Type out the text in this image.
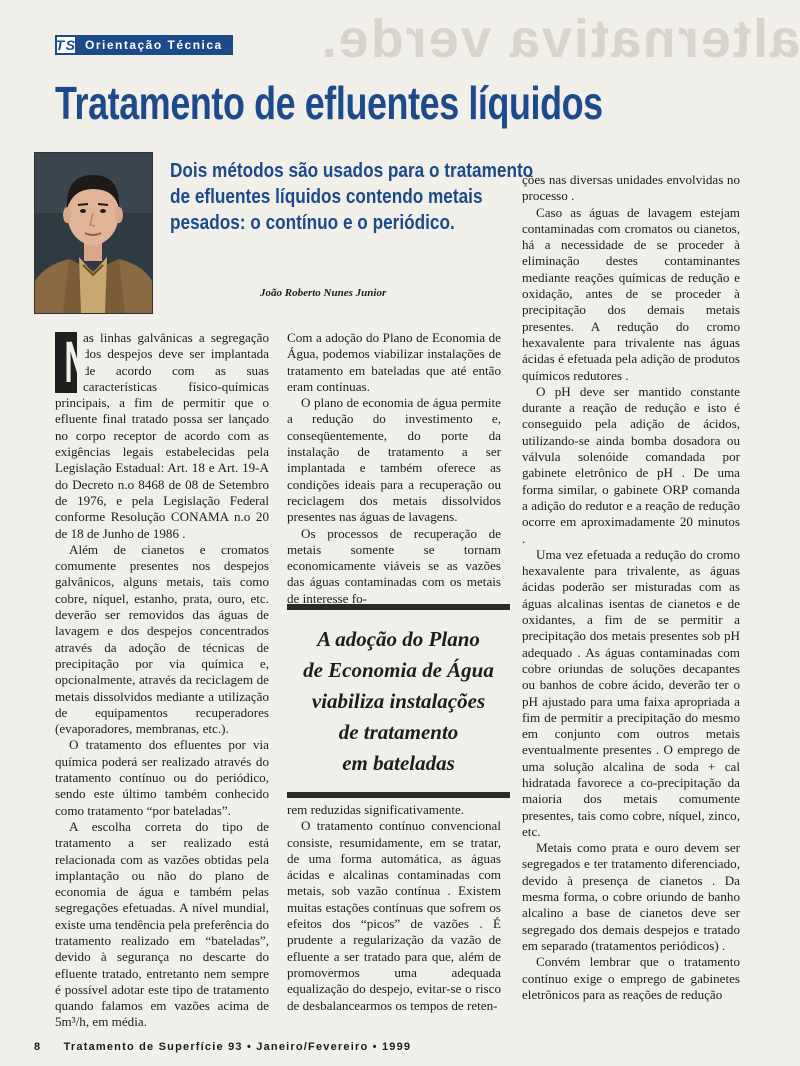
alternativa verde.
TS Orientação Técnica
Tratamento de efluentes líquidos
Dois métodos são usados para o tratamento
de efluentes líquidos contendo metais
pesados: o contínuo e o periódico.
João Roberto Nunes Junior

N
as linhas galvânicas a segregação dos despejos deve ser implantada de acordo com as suas características físico-químicas principais, a fim de permitir que o efluente final tratado possa ser lançado no corpo receptor de acordo com as exigências legais estabelecidas pela Legislação Estadual: Art. 18 e Art. 19-A do Decreto n.o 8468 de 08 de Setembro de 1976, e pela Legislação Federal conforme Resolução CONAMA n.o 20 de 18 de Junho de 1986 .

Além de cianetos e cromatos comumente presentes nos despejos galvânicos, alguns metais, tais como cobre, níquel, estanho, prata, ouro, etc. deverão ser removidos das águas de lavagem e dos despejos concentrados através da adoção de técnicas de precipitação por via química e, opcionalmente, através da reciclagem de metais dissolvidos mediante a utilização de equipamentos recuperadores (evaporadores, membranas, etc.).

O tratamento dos efluentes por via química poderá ser realizado através do tratamento contínuo ou do periódico, sendo este último também conhecido como tratamento “por bateladas”.

A escolha correta do tipo de tratamento a ser realizado está relacionada com as vazões obtidas pela implantação ou não do plano de economia de água e também pelas segregações efetuadas. A nível mundial, existe uma tendência pela preferência do tratamento realizado em “bateladas”, devido à segurança no descarte do efluente tratado, entretanto nem sempre é possível adotar este tipo de tratamento quando falamos em vazões acima de 5m³/h, em média.

Com a adoção do Plano de Economia de Água, podemos viabilizar instalações de tratamento em bateladas que até então eram contínuas.

O plano de economia de água permite a redução do investimento e, conseqüentemente, do porte da instalação de tratamento a ser implantada e também oferece as condições ideais para a recuperação ou reciclagem dos metais dissolvidos presentes nas águas de lavagens.

Os processos de recuperação de metais somente se tornam economicamente viáveis se as vazões das águas contaminadas com os metais de interesse fo-

A adoção do Plano
de Economia de Água
viabiliza instalações
de tratamento
em bateladas

rem reduzidas significativamente.

O tratamento contínuo convencional consiste, resumidamente, em se tratar, de uma forma automática, as águas ácidas e alcalinas contaminadas com metais, sob vazão contínua . Existem muitas estações contínuas que sofrem os efeitos dos “picos” de vazões . É prudente a regularização da vazão de efluente a ser tratado para que, além de promovermos uma adequada equalização do despejo, evitar-se o risco de desbalancearmos os tempos de reten-

ções nas diversas unidades envolvidas no processo .

Caso as águas de lavagem estejam contaminadas com cromatos ou cianetos, há a necessidade de se proceder à eliminação destes contaminantes mediante reações químicas de redução e oxidação, antes de se proceder à precipitação dos demais metais presentes. A redução do cromo hexavalente para trivalente nas águas ácidas é efetuada pela adição de produtos químicos redutores .

O pH deve ser mantido constante durante a reação de redução e isto é conseguido pela adição de ácidos, utilizando-se ainda bomba dosadora ou válvula solenóide comandada por gabinete eletrônico de pH . De uma forma similar, o gabinete ORP comanda a adição do redutor e a reação de redução ocorre em aproximadamente 20 minutos .

Uma vez efetuada a redução do cromo hexavalente para trivalente, as águas ácidas poderão ser misturadas com as águas alcalinas isentas de cianetos e de oxidantes, a fim de se permitir a precipitação dos metais presentes sob pH adequado . As águas contaminadas com cobre oriundas de soluções decapantes ou banhos de cobre ácido, deverão ter o pH ajustado para uma faixa apropriada a fim de permitir a precipitação do mesmo em conjunto com outros metais eventualmente presentes . O emprego de uma solução alcalina de soda + cal hidratada favorece a co-precipitação da maioria dos metais comumente presentes, tais como cobre, níquel, zinco, etc.

Metais como prata e ouro devem ser segregados e ter tratamento diferenciado, devido à presença de cianetos . Da mesma forma, o cobre oriundo de banho alcalino a base de cianetos deve ser segregado dos demais despejos e tratado em separado (tratamentos periódicos) .

Convém lembrar que o tratamento contínuo exige o emprego de gabinetes eletrônicos para as reações de redução

8 Tratamento de Superfície 93 • Janeiro/Fevereiro • 1999
